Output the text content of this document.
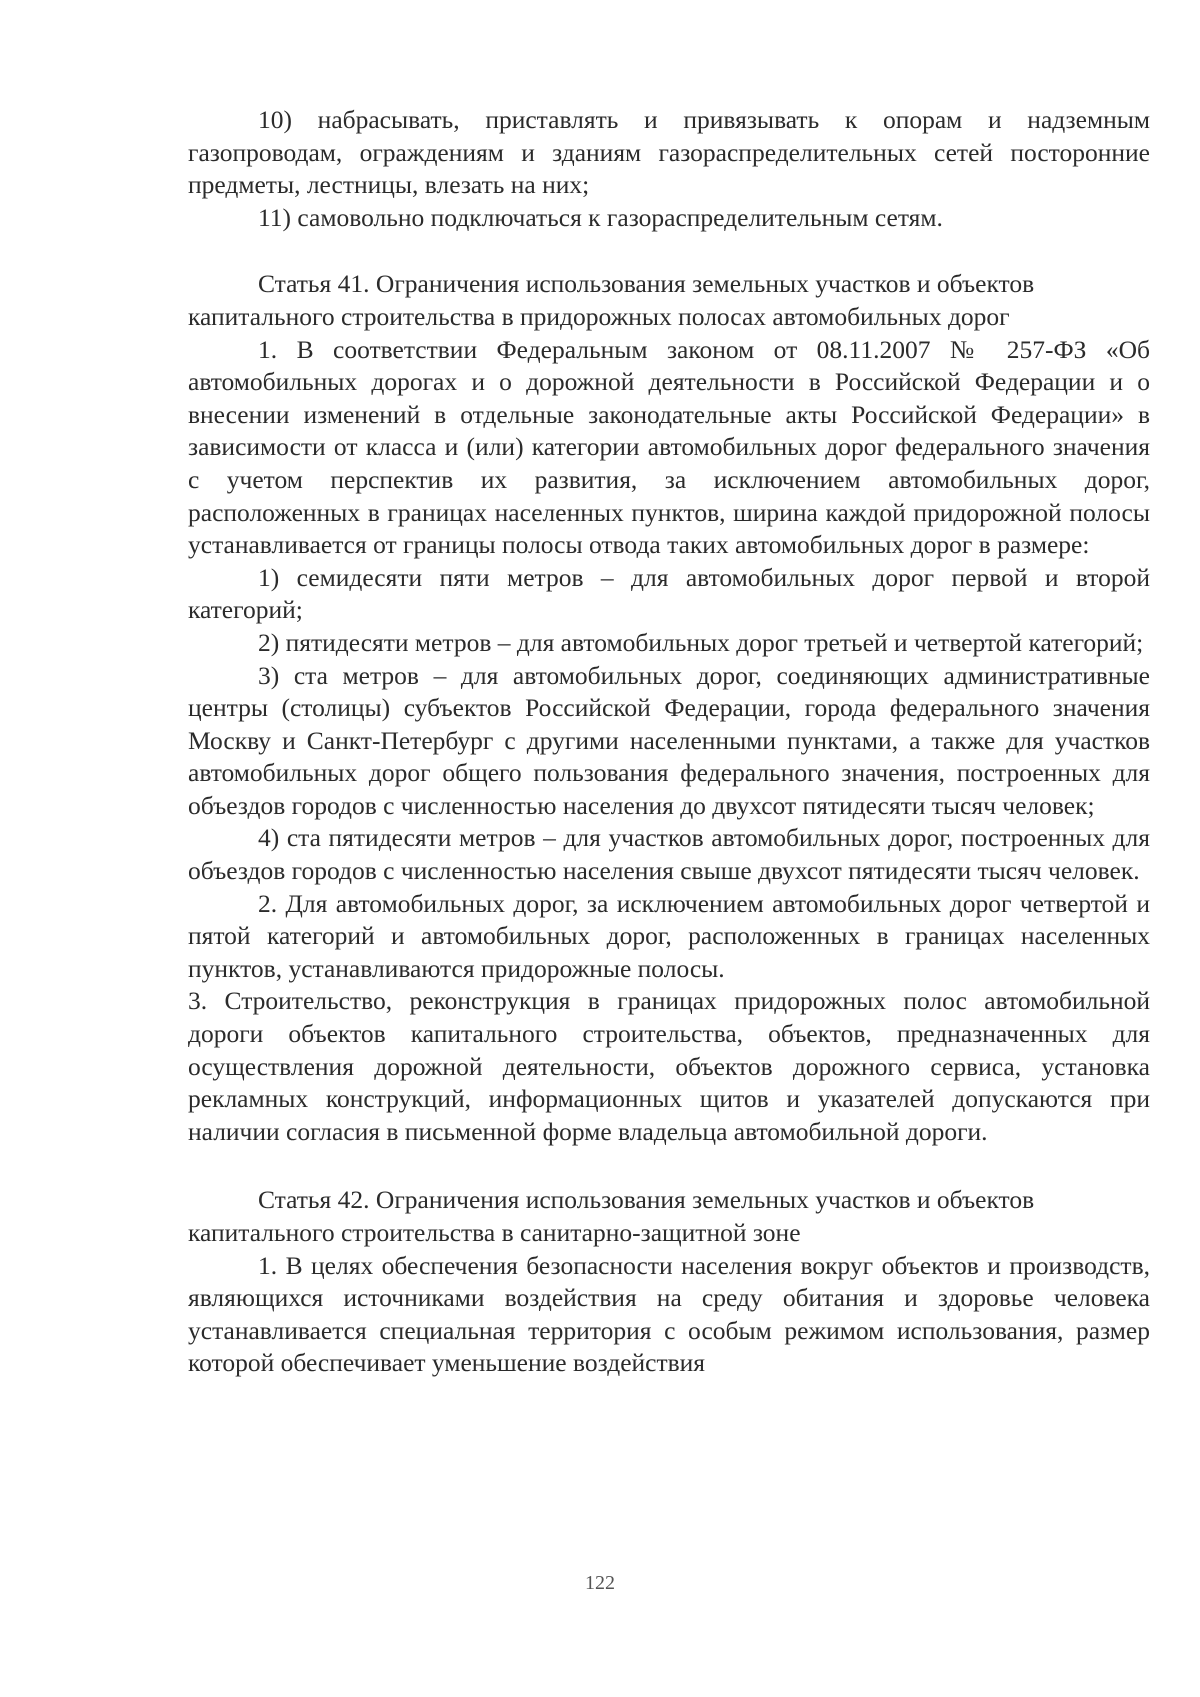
10) набрасывать, приставлять и привязывать к опорам и надземным газопроводам, ограждениям и зданиям газораспределительных сетей посторонние предметы, лестницы, влезать на них;

11) самовольно подключаться к газораспределительным сетям.

Статья 41. Ограничения использования земельных участков и объектов капитального строительства в придорожных полосах автомобильных дорог

1. В соответствии Федеральным законом от 08.11.2007 № 257-ФЗ «Об автомобильных дорогах и о дорожной деятельности в Российской Федерации и о внесении изменений в отдельные законодательные акты Российской Федерации» в зависимости от класса и (или) категории автомобильных дорог федерального значения с учетом перспектив их развития, за исключением автомобильных дорог, расположенных в границах населенных пунктов, ширина каждой придорожной полосы устанавливается от границы полосы отвода таких автомобильных дорог в размере:

1) семидесяти пяти метров – для автомобильных дорог первой и второй категорий;

2) пятидесяти метров – для автомобильных дорог третьей и четвертой категорий;

3) ста метров – для автомобильных дорог, соединяющих административные центры (столицы) субъектов Российской Федерации, города федерального значения Москву и Санкт-Петербург с другими населенными пунктами, а также для участков автомобильных дорог общего пользования федерального значения, построенных для объездов городов с численностью населения до двухсот пятидесяти тысяч человек;

4) ста пятидесяти метров – для участков автомобильных дорог, построенных для объездов городов с численностью населения свыше двухсот пятидесяти тысяч человек.

2. Для автомобильных дорог, за исключением автомобильных дорог четвертой и пятой категорий и автомобильных дорог, расположенных в границах населенных пунктов, устанавливаются придорожные полосы.

3. Строительство, реконструкция в границах придорожных полос автомобильной дороги объектов капитального строительства, объектов, предназначенных для осуществления дорожной деятельности, объектов дорожного сервиса, установка рекламных конструкций, информационных щитов и указателей допускаются при наличии согласия в письменной форме владельца автомобильной дороги.

Статья 42. Ограничения использования земельных участков и объектов капитального строительства в санитарно-защитной зоне

1. В целях обеспечения безопасности населения вокруг объектов и производств, являющихся источниками воздействия на среду обитания и здоровье человека устанавливается специальная территория с особым режимом использования, размер которой обеспечивает уменьшение воздействия

122
